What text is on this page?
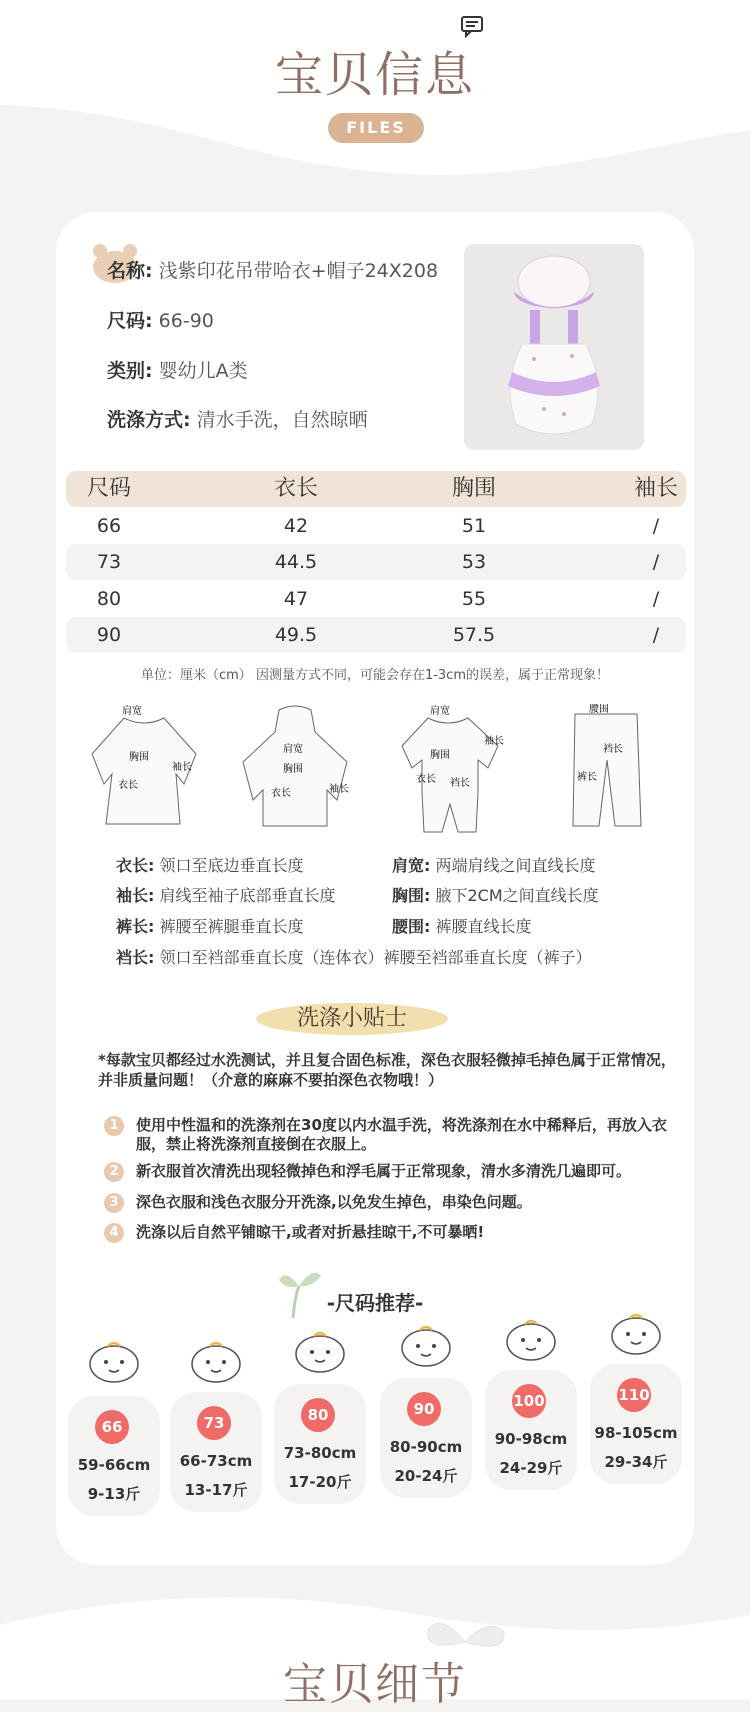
宝贝信息
FILES
名称: 浅紫印花吊带哈衣+帽子24X208
尺码: 66-90
类别: 婴幼儿A类
洗涤方式: 清水手洗，自然晾晒
尺码	衣长	胸围	袖长
66	42	51	/
73	44.5	53	/
80	47	55	/
90	49.5	57.5	/
单位：厘米（cm） 因测量方式不同，可能会存在1-3cm的误差，属于正常现象！
肩宽
胸围
衣长
袖长
肩宽
胸围
衣长	袖长
肩宽
胸围
衣长 裆长
袖长
腰围
裆长
裤长
衣长: 领口至底边垂直长度	肩宽: 两端肩线之间直线长度
袖长: 肩线至袖子底部垂直长度	胸围: 腋下2CM之间直线长度
裤长: 裤腰至裤腿垂直长度	腰围: 裤腰直线长度
裆长: 领口至裆部垂直长度（连体衣）裤腰至裆部垂直长度（裤子）
洗涤小贴士
*每款宝贝都经过水洗测试，并且复合固色标准，深色衣服轻微掉毛掉色属于正常情况，并非质量问题！（介意的麻麻不要拍深色衣物哦！）
1	使用中性温和的洗涤剂在30度以内水温手洗，将洗涤剂在水中稀释后，再放入衣服，禁止将洗涤剂直接倒在衣服上。
2	新衣服首次清洗出现轻微掉色和浮毛属于正常现象，清水多清洗几遍即可。
3	深色衣服和浅色衣服分开洗涤,以免发生掉色，串染色问题。
4	洗涤以后自然平铺晾干,或者对折悬挂晾干,不可暴晒!
-尺码推荐-
66
59-66cm
9-13斤
73
66-73cm
13-17斤
80
73-80cm
17-20斤
90
80-90cm
20-24斤
100
90-98cm
24-29斤
110
98-105cm
29-34斤
宝贝细节
